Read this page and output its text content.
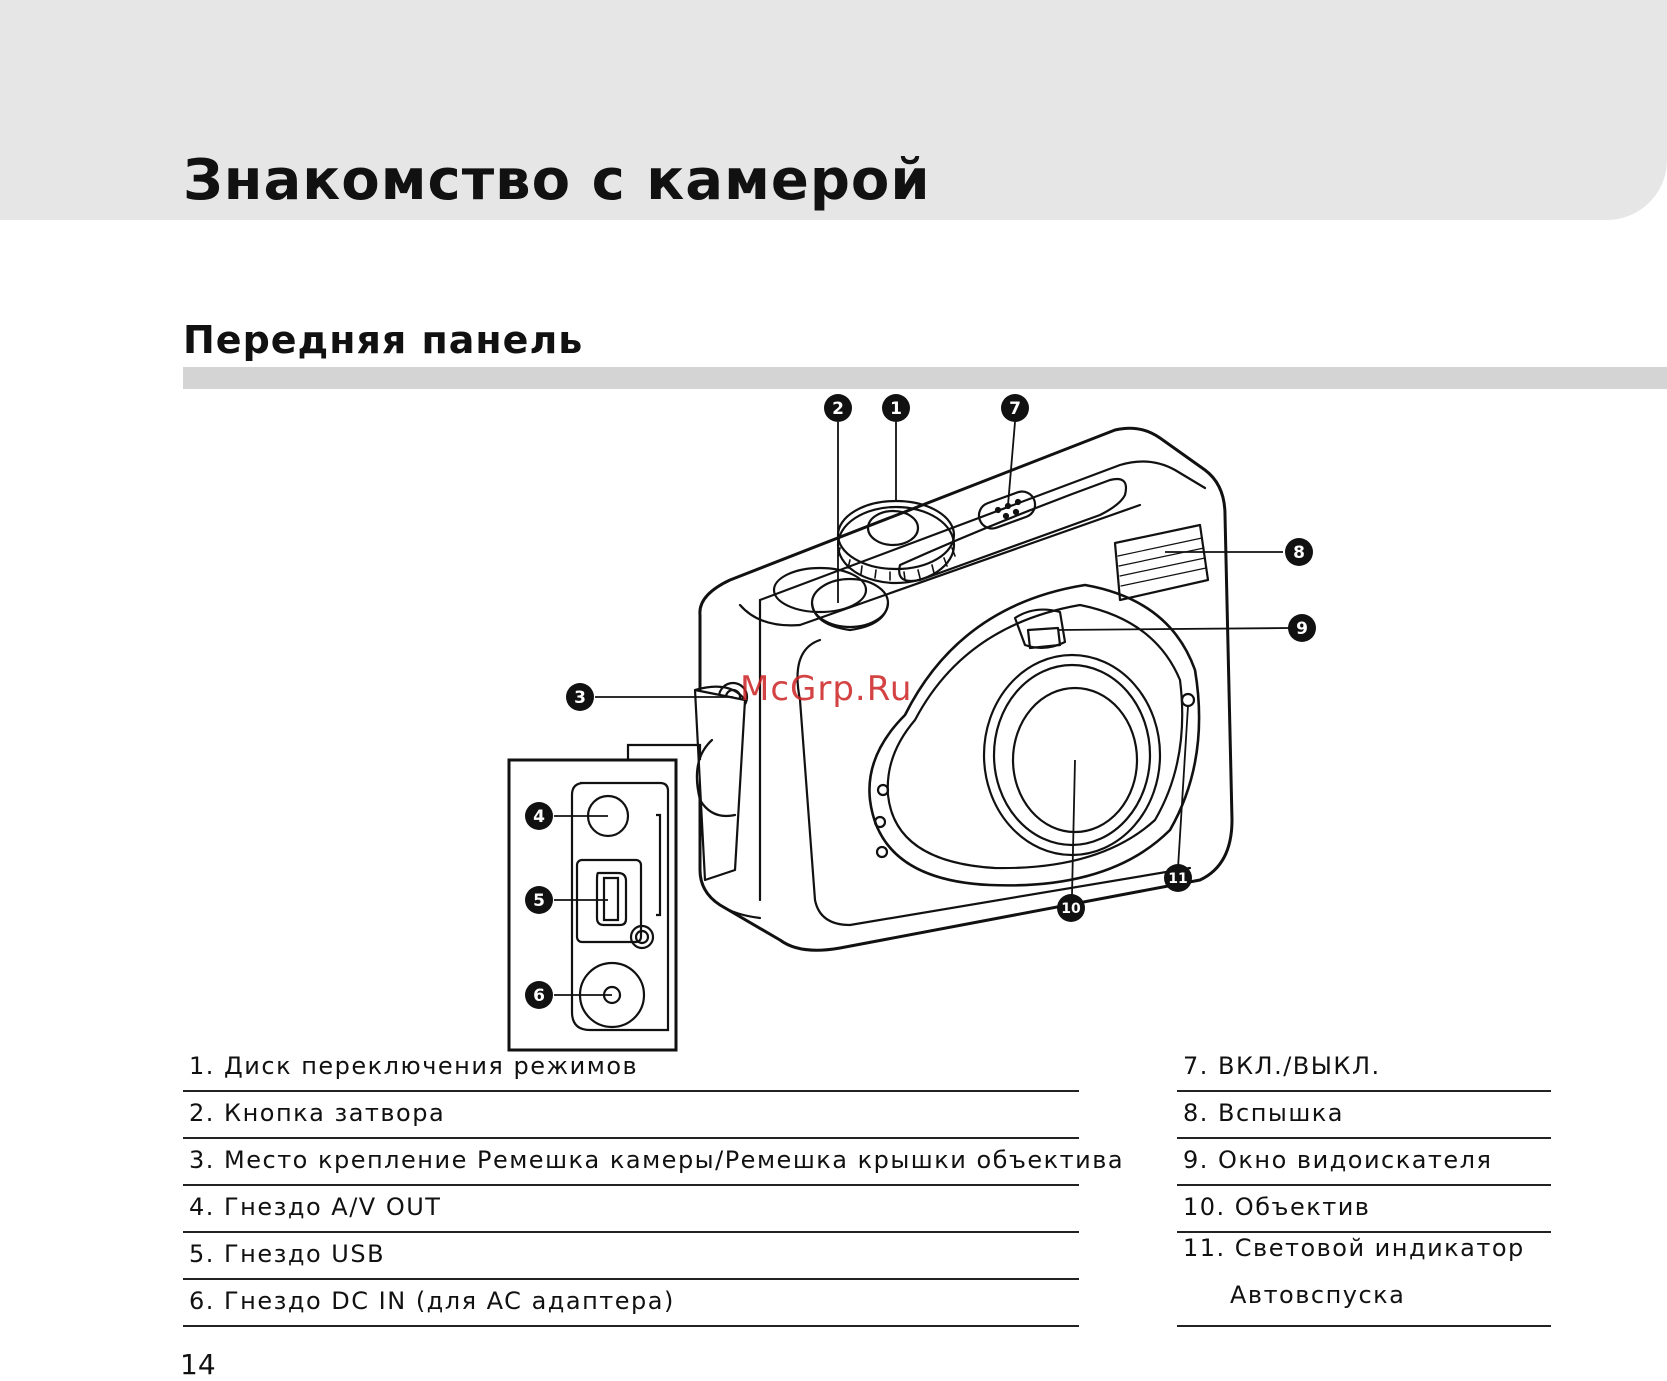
Знакомство с камерой
Передняя панель
1
2
3
4
5
6
7
8
9
10
11
McGrp.Ru
1. Диск переключения режимов
2. Кнопка затвора
3. Место крепление Ремешка камеры/Ремешка крышки объектива
4. Гнездо A/V OUT
5. Гнездо USB
6. Гнездо DC IN (для AC адаптера)
7. ВКЛ./ВЫКЛ.
8. Вспышка
9. Окно видоискателя
10. Объектив
11. Световой индикатор
Автовспуска
14
